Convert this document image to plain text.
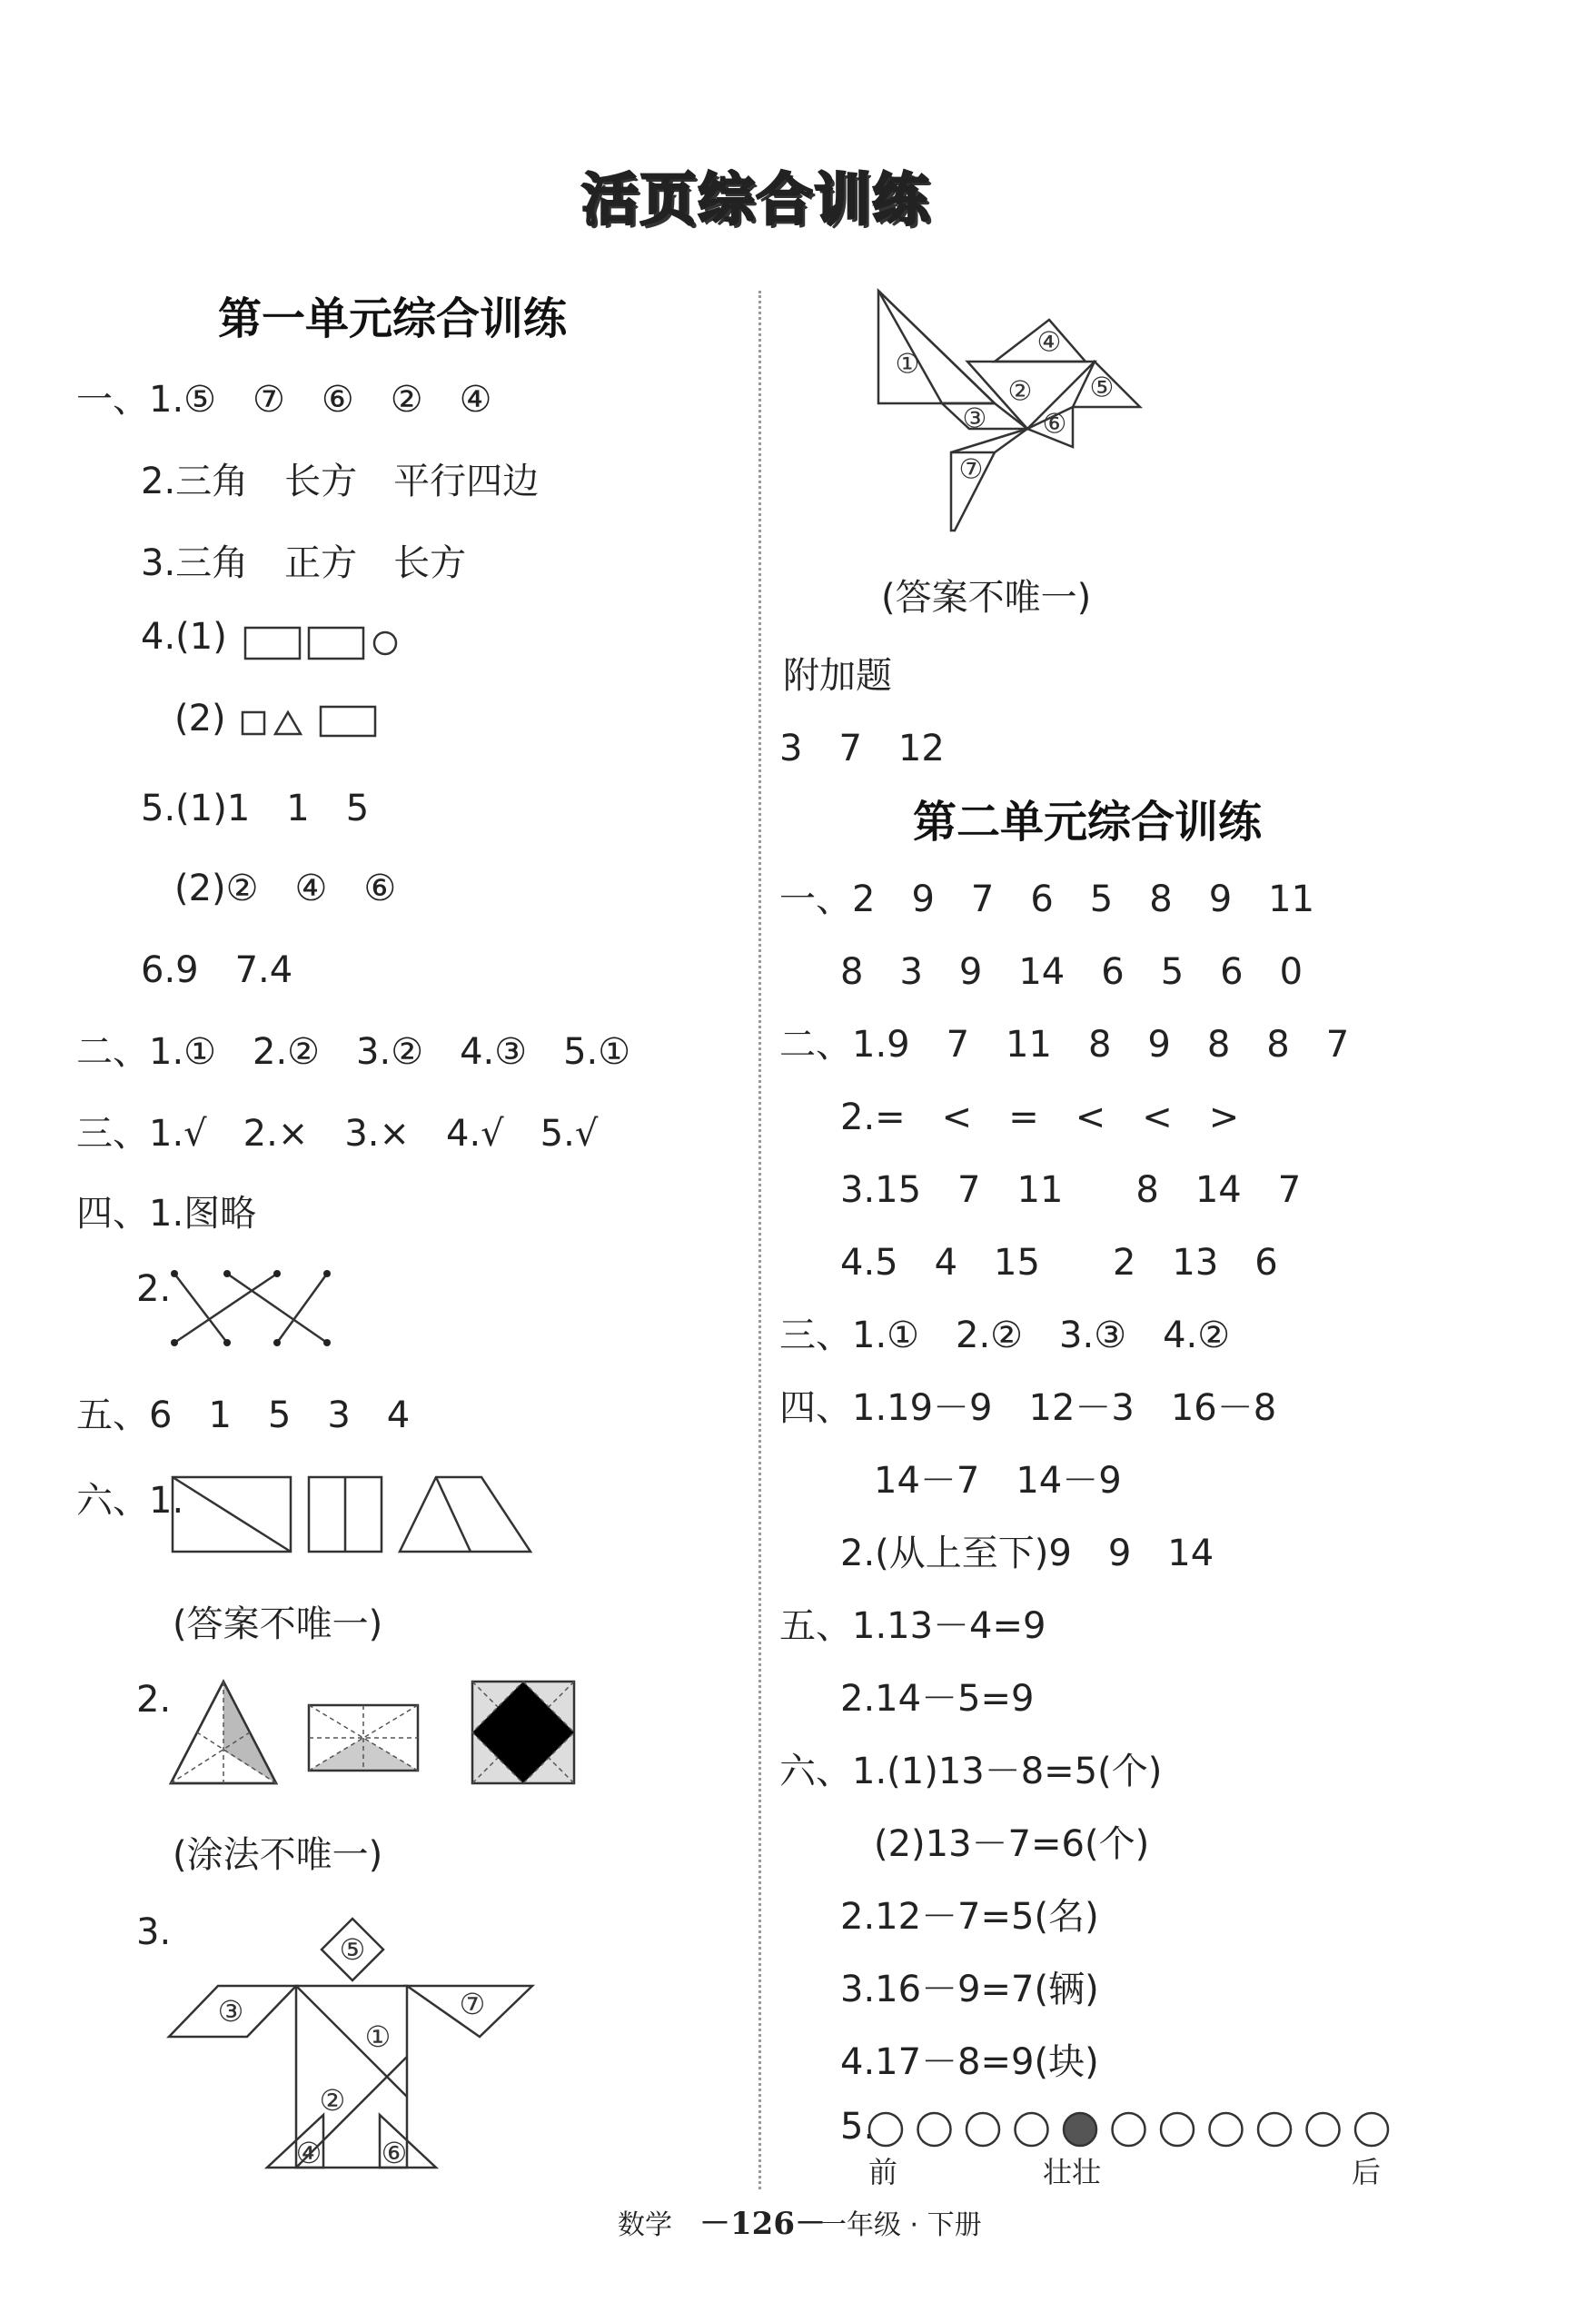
活页综合训练
第一单元综合训练
一、1.⑤　⑦　⑥　②　④
2.三角　长方　平行四边
3.三角　正方　长方
4.(1)
(2)
5.(1)1　1　5
(2)②　④　⑥
6.9　7.4
二、1.①　2.②　3.②　4.③　5.①
三、1.√　2.×　3.×　4.√　5.√
四、1.图略
2.
五、6　1　5　3　4
六、1.
(答案不唯一)
2.
(涂法不唯一)
3.	⑤
③
①
⑦
②
④ ⑥
①
④
② ⑤
③ ⑥
⑦
(答案不唯一)
附加题
3　7　12
第二单元综合训练
一、2　9　7　6　5　8　9　11
8　3　9　14　6　5　6　0
二、1.9　7　11　8　9　8　8　7
2.=　<　=　<　<　>
3.15　7　11　　8　14　7
4.5　4　15　　2　13　6
三、1.①　2.②　3.③　4.②
四、1.19－9　12－3　16－8
14－7　14－9
2.(从上至下)9　9　14
五、1.13－4=9
2.14－5=9
六、1.(1)13－8=5(个)
(2)13－7=6(个)
2.12－7=5(名)
3.16－9=7(辆)
4.17－8=9(块)
5.
前	壮壮	后
数学 －126－
一年级 · 下册
